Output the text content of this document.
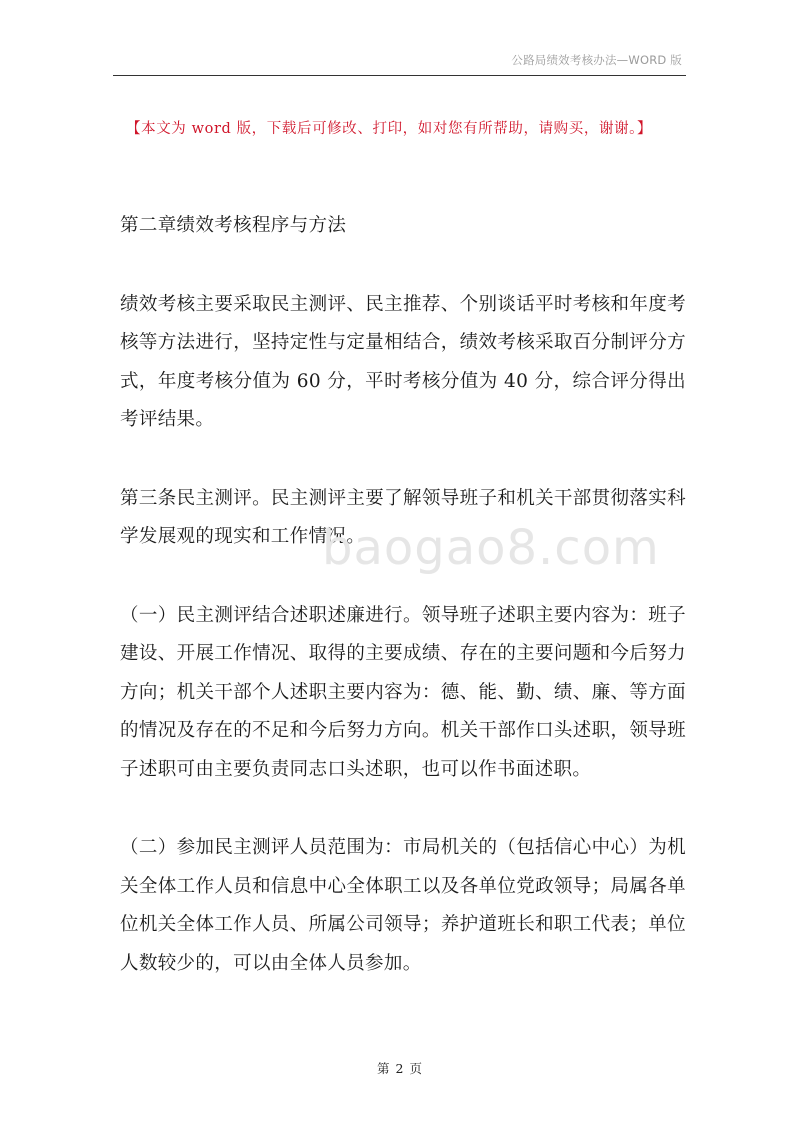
公路局绩效考核办法—WORD 版
【本文为 word 版，下载后可修改、打印，如对您有所帮助，请购买，谢谢。】

第二章绩效考核程序与方法

绩效考核主要采取民主测评、民主推荐、个别谈话平时考核和年度考核等方法进行，坚持定性与定量相结合，绩效考核采取百分制评分方式，年度考核分值为 60 分，平时考核分值为 40 分，综合评分得出考评结果。

第三条民主测评。民主测评主要了解领导班子和机关干部贯彻落实科学发展观的现实和工作情况。

（一）民主测评结合述职述廉进行。领导班子述职主要内容为：班子建设、开展工作情况、取得的主要成绩、存在的主要问题和今后努力方向；机关干部个人述职主要内容为：德、能、勤、绩、廉、等方面的情况及存在的不足和今后努力方向。机关干部作口头述职，领导班子述职可由主要负责同志口头述职，也可以作书面述职。

（二）参加民主测评人员范围为：市局机关的（包括信心中心）为机关全体工作人员和信息中心全体职工以及各单位党政领导；局属各单位机关全体工作人员、所属公司领导；养护道班长和职工代表；单位人数较少的，可以由全体人员参加。

baogao8.com
第 2 页
